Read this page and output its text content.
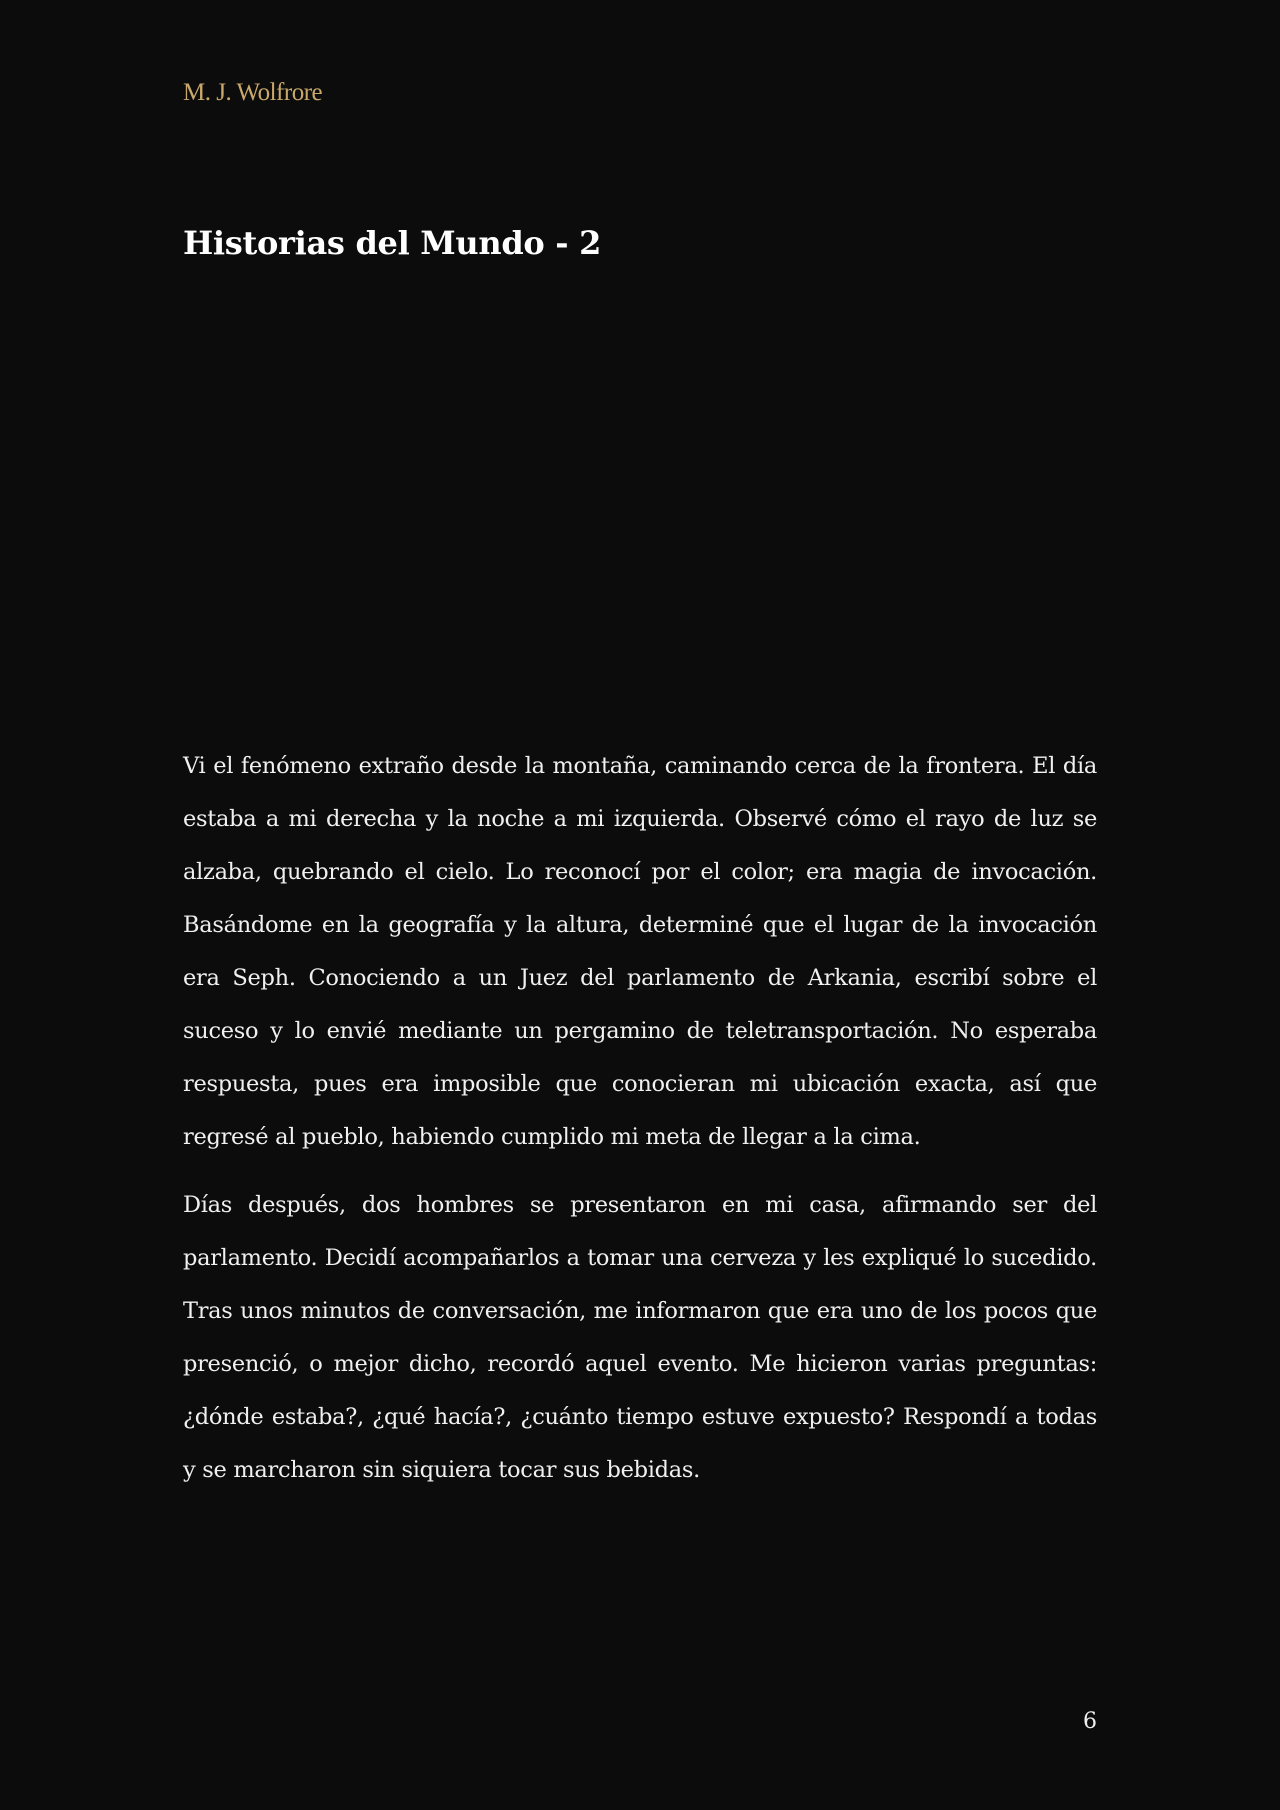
M. J. Wolfrore

Historias del Mundo - 2

Vi el fenómeno extraño desde la montaña, caminando cerca de la frontera. El día estaba a mi derecha y la noche a mi izquierda. Observé cómo el rayo de luz se alzaba, quebrando el cielo. Lo reconocí por el color; era magia de invocación. Basándome en la geografía y la altura, determiné que el lugar de la invocación era Seph. Conociendo a un Juez del parlamento de Arkania, escribí sobre el suceso y lo envié mediante un pergamino de teletransportación. No esperaba respuesta, pues era imposible que conocieran mi ubicación exacta, así que regresé al pueblo, habiendo cumplido mi meta de llegar a la cima.

Días después, dos hombres se presentaron en mi casa, afirmando ser del parlamento. Decidí acompañarlos a tomar una cerveza y les expliqué lo sucedido. Tras unos minutos de conversación, me informaron que era uno de los pocos que presenció, o mejor dicho, recordó aquel evento. Me hicieron varias preguntas: ¿dónde estaba?, ¿qué hacía?, ¿cuánto tiempo estuve expuesto? Respondí a todas y se marcharon sin siquiera tocar sus bebidas.

6
